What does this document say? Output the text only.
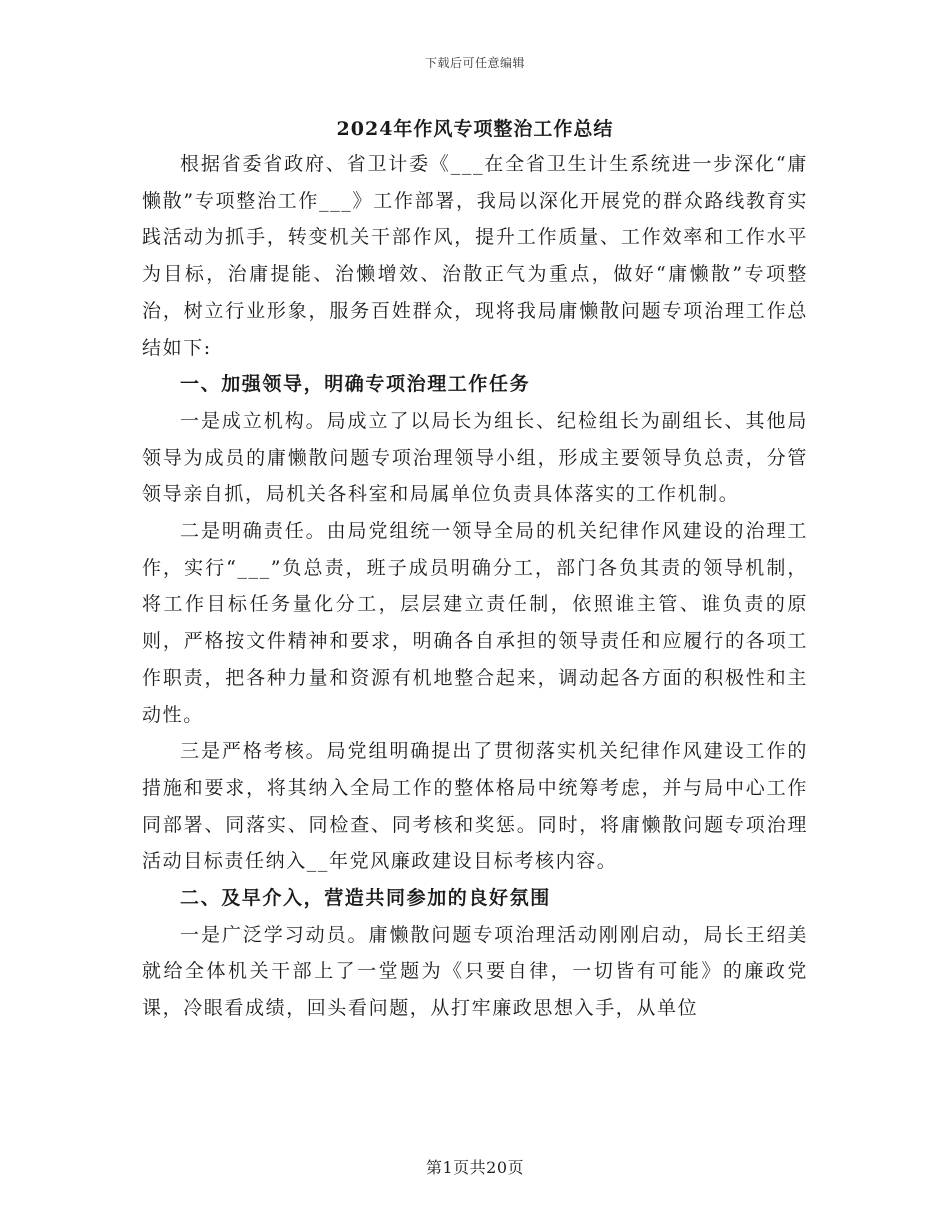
下载后可任意编辑
2024年作风专项整治工作总结

根据省委省政府、省卫计委《___在全省卫生计生系统进一步深化“庸懒散”专项整治工作___》工作部署，我局以深化开展党的群众路线教育实践活动为抓手，转变机关干部作风，提升工作质量、工作效率和工作水平为目标，治庸提能、治懒增效、治散正气为重点，做好“庸懒散”专项整治，树立行业形象，服务百姓群众，现将我局庸懒散问题专项治理工作总结如下:

一、加强领导，明确专项治理工作任务

一是成立机构。局成立了以局长为组长、纪检组长为副组长、其他局领导为成员的庸懒散问题专项治理领导小组，形成主要领导负总责，分管领导亲自抓，局机关各科室和局属单位负责具体落实的工作机制。

二是明确责任。由局党组统一领导全局的机关纪律作风建设的治理工作，实行“___”负总责，班子成员明确分工，部门各负其责的领导机制，将工作目标任务量化分工，层层建立责任制，依照谁主管、谁负责的原则，严格按文件精神和要求，明确各自承担的领导责任和应履行的各项工作职责，把各种力量和资源有机地整合起来，调动起各方面的积极性和主动性。

三是严格考核。局党组明确提出了贯彻落实机关纪律作风建设工作的措施和要求，将其纳入全局工作的整体格局中统筹考虑，并与局中心工作同部署、同落实、同检查、同考核和奖惩。同时，将庸懒散问题专项治理活动目标责任纳入__年党风廉政建设目标考核内容。

二、及早介入，营造共同参加的良好氛围

一是广泛学习动员。庸懒散问题专项治理活动刚刚启动，局长王绍美就给全体机关干部上了一堂题为《只要自律，一切皆有可能》的廉政党课，冷眼看成绩，回头看问题，从打牢廉政思想入手，从单位

第1页共20页
